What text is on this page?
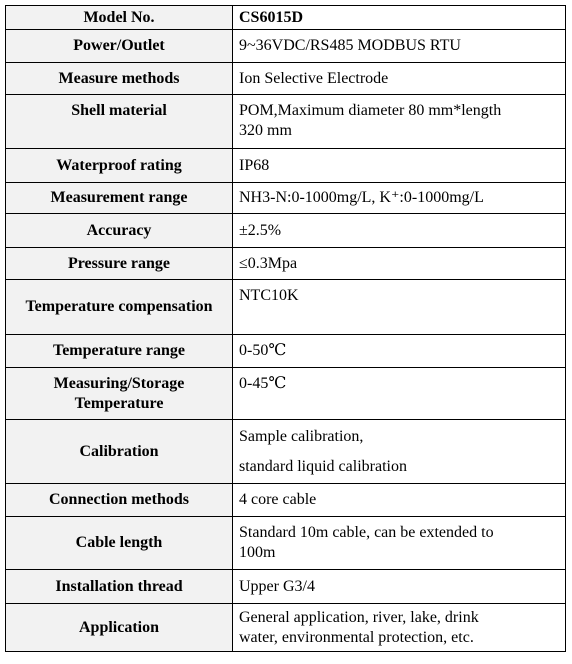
Model No.	CS6015D
Power/Outlet	9~36VDC/RS485 MODBUS RTU
Measure methods	Ion Selective Electrode
Shell material	POM,Maximum diameter 80 mm*length
320 mm

Waterproof rating	IP68
Measurement range	NH3-N:0-1000mg/L, K⁺:0-1000mg/L
Accuracy	±2.5%
Pressure range	≤0.3Mpa
Temperature compensation	NTC10K
Temperature range	0-50℃
Measuring/Storage Temperature	0-45℃
Calibration	Sample calibration,
standard liquid calibration

Connection methods	4 core cable
Cable length	Standard 10m cable, can be extended to
100m

Installation thread	Upper G3/4
Application	General application, river, lake, drink
water, environmental protection, etc.
